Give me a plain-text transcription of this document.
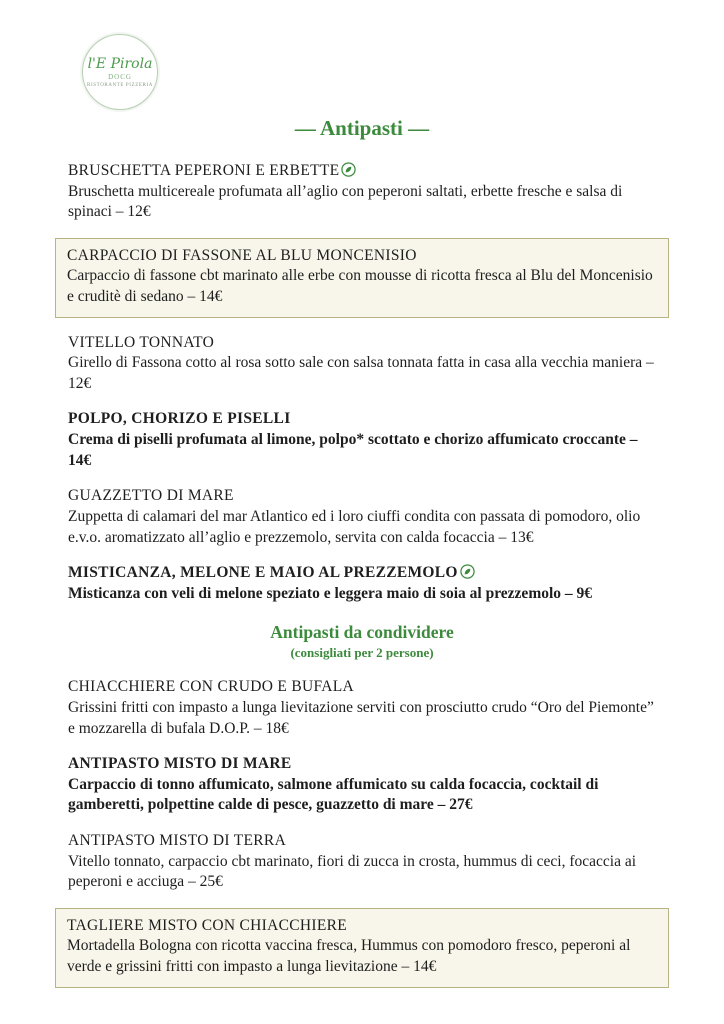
l'E Pirola
DOCG
RISTORANTE PIZZERIA
— Antipasti —
BRUSCHETTA PEPERONI E ERBETTE
Bruschetta multicereale profumata all’aglio con peperoni saltati, erbette fresche e salsa di spinaci – 12€
CARPACCIO DI FASSONE AL BLU MONCENISIO
Carpaccio di fassone cbt marinato alle erbe con mousse di ricotta fresca al Blu del Moncenisio e cruditè di sedano – 14€
VITELLO TONNATO
Girello di Fassona cotto al rosa sotto sale con salsa tonnata fatta in casa alla vecchia maniera – 12€
POLPO, CHORIZO E PISELLI
Crema di piselli profumata al limone, polpo* scottato e chorizo affumicato croccante – 14€
GUAZZETTO DI MARE
Zuppetta di calamari del mar Atlantico ed i loro ciuffi condita con passata di pomodoro, olio e.v.o. aromatizzato all’aglio e prezzemolo, servita con calda focaccia – 13€
MISTICANZA, MELONE E MAIO AL PREZZEMOLO
Misticanza con veli di melone speziato e leggera maio di soia al prezzemolo – 9€
Antipasti da condividere
(consigliati per 2 persone)
CHIACCHIERE CON CRUDO E BUFALA
Grissini fritti con impasto a lunga lievitazione serviti con prosciutto crudo “Oro del Piemonte” e mozzarella di bufala D.O.P. – 18€
ANTIPASTO MISTO DI MARE
Carpaccio di tonno affumicato, salmone affumicato su calda focaccia, cocktail di gamberetti, polpettine calde di pesce, guazzetto di mare – 27€
ANTIPASTO MISTO DI TERRA
Vitello tonnato, carpaccio cbt marinato, fiori di zucca in crosta, hummus di ceci, focaccia ai peperoni e acciuga – 25€
TAGLIERE MISTO CON CHIACCHIERE
Mortadella Bologna con ricotta vaccina fresca, Hummus con pomodoro fresco, peperoni al verde e grissini fritti con impasto a lunga lievitazione – 14€
